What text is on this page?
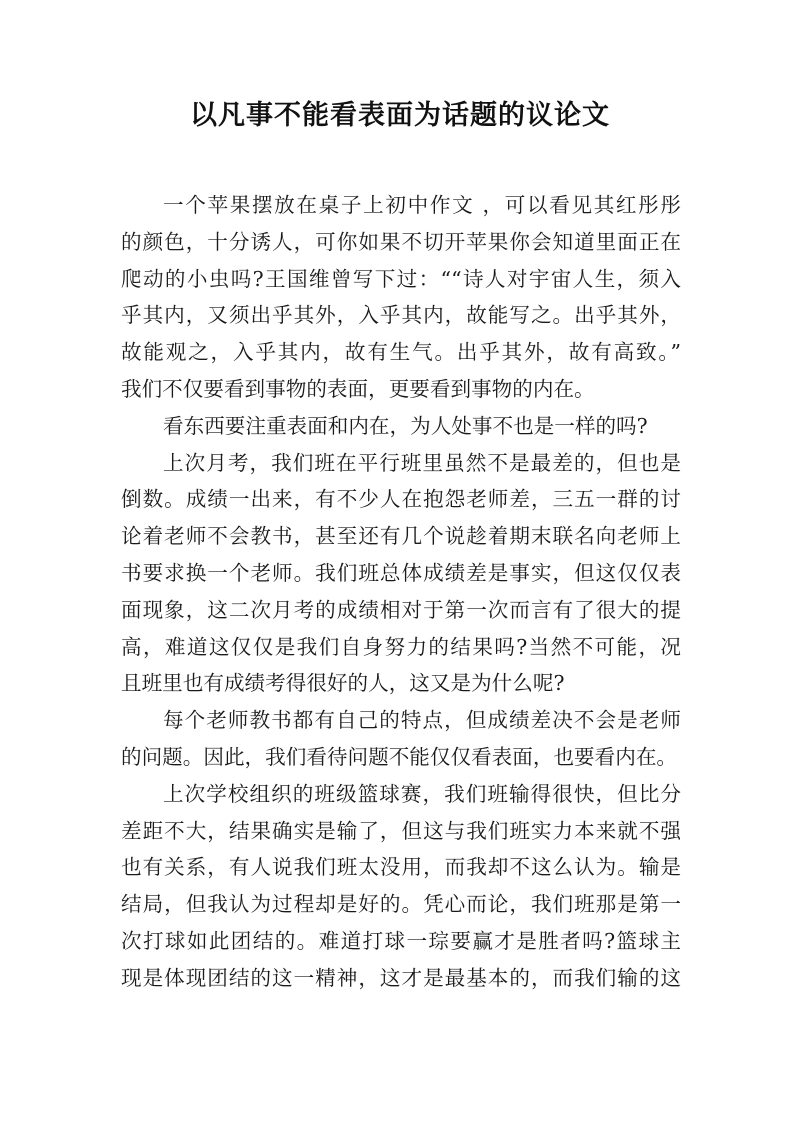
以凡事不能看表面为话题的议论文
一个苹果摆放在桌子上初中作文 ，可以看见其红彤彤
的颜色，十分诱人，可你如果不切开苹果你会知道里面正在
爬动的小虫吗?王国维曾写下过：““诗人对宇宙人生，须入
乎其内，又须出乎其外，入乎其内，故能写之。出乎其外，
故能观之，入乎其内，故有生气。出乎其外，故有高致。”
我们不仅要看到事物的表面，更要看到事物的内在。
看东西要注重表面和内在，为人处事不也是一样的吗?
上次月考，我们班在平行班里虽然不是最差的，但也是
倒数。成绩一出来，有不少人在抱怨老师差，三五一群的讨
论着老师不会教书，甚至还有几个说趁着期末联名向老师上
书要求换一个老师。我们班总体成绩差是事实，但这仅仅表
面现象，这二次月考的成绩相对于第一次而言有了很大的提
高，难道这仅仅是我们自身努力的结果吗?当然不可能，况
且班里也有成绩考得很好的人，这又是为什么呢?
每个老师教书都有自己的特点，但成绩差决不会是老师
的问题。因此，我们看待问题不能仅仅看表面，也要看内在。
上次学校组织的班级篮球赛，我们班输得很快，但比分
差距不大，结果确实是输了，但这与我们班实力本来就不强
也有关系，有人说我们班太没用，而我却不这么认为。输是
结局，但我认为过程却是好的。凭心而论，我们班那是第一
次打球如此团结的。难道打球一琮要赢才是胜者吗?篮球主
现是体现团结的这一精神，这才是最基本的，而我们输的这
